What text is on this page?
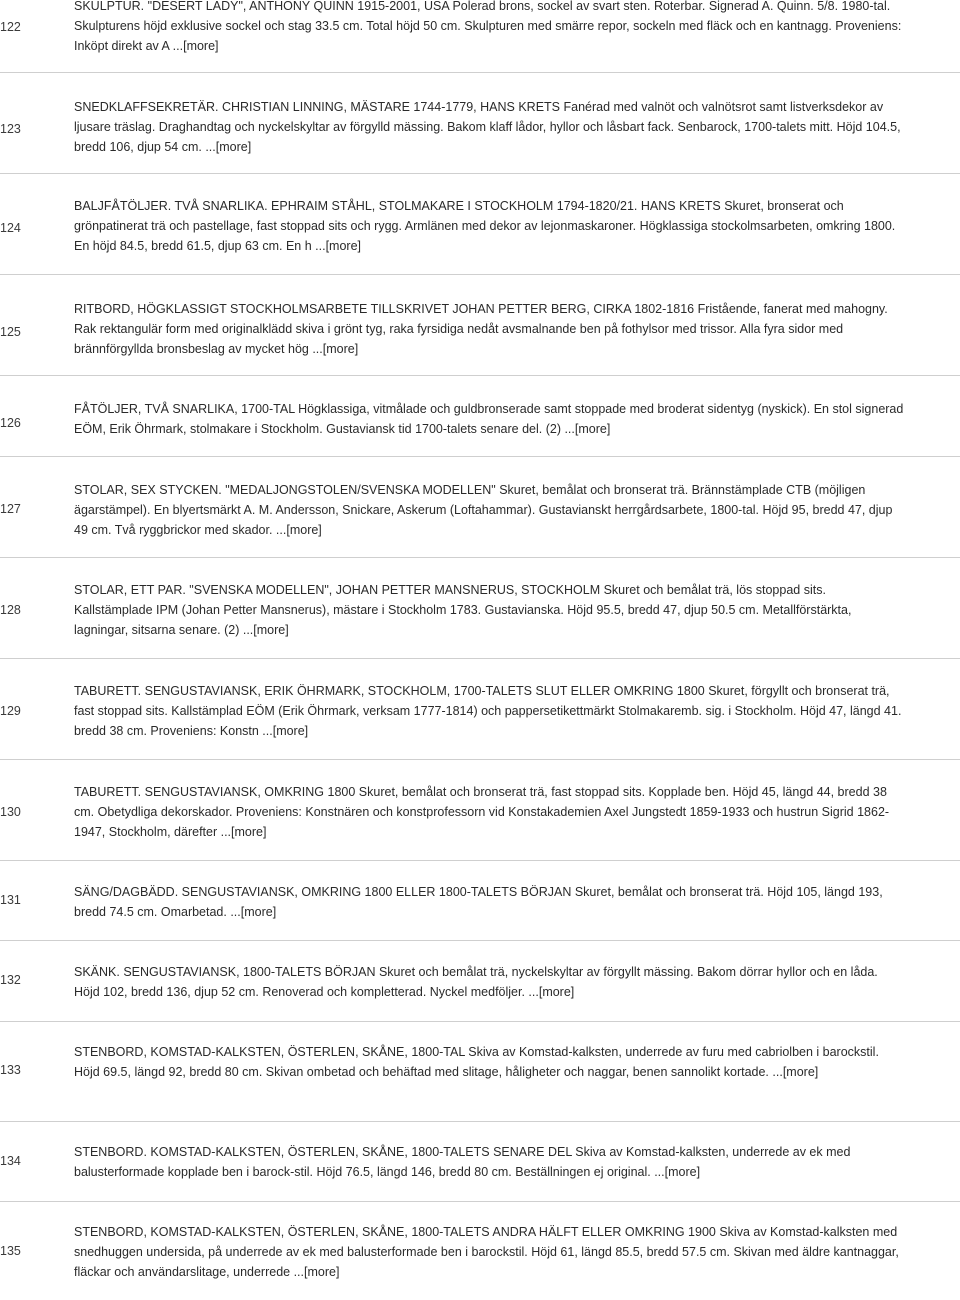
122
SKULPTUR. "DESERT LADY", ANTHONY QUINN 1915-2001, USA Polerad brons, sockel av svart sten. Roterbar. Signerad A. Quinn. 5/8. 1980-tal. Skulpturens höjd exklusive sockel och stag 33.5 cm. Total höjd 50 cm. Skulpturen med smärre repor, sockeln med fläck och en kantnagg. Proveniens: Inköpt direkt av A ...[more]
123
SNEDKLAFFSEKRETÄR. CHRISTIAN LINNING, MÄSTARE 1744-1779, HANS KRETS Fanérad med valnöt och valnötsrot samt listverksdekor av ljusare träslag. Draghandtag och nyckelskyltar av förgylld mässing. Bakom klaff lådor, hyllor och låsbart fack. Senbarock, 1700-talets mitt. Höjd 104.5, bredd 106, djup 54 cm. ...[more]
124
BALJFÅTÖLJER. TVÅ SNARLIKA. EPHRAIM STÅHL, STOLMAKARE I STOCKHOLM 1794-1820/21. HANS KRETS Skuret, bronserat och grönpatinerat trä och pastellage, fast stoppad sits och rygg. Armlänen med dekor av lejonmaskaroner. Högklassiga stockolmsarbeten, omkring 1800. En höjd 84.5, bredd 61.5, djup 63 cm. En h ...[more]
125
RITBORD, HÖGKLASSIGT STOCKHOLMSARBETE TILLSKRIVET JOHAN PETTER BERG, CIRKA 1802-1816 Fristående, fanerat med mahogny. Rak rektangulär form med originalklädd skiva i grönt tyg, raka fyrsidiga nedåt avsmalnande ben på fothylsor med trissor. Alla fyra sidor med brännförgyllda bronsbeslag av mycket hög ...[more]
126
FÅTÖLJER, TVÅ SNARLIKA, 1700-TAL Högklassiga, vitmålade och guldbronserade samt stoppade med broderat sidentyg (nyskick). En stol signerad EÖM, Erik Öhrmark, stolmakare i Stockholm. Gustaviansk tid 1700-talets senare del. (2) ...[more]
127
STOLAR, SEX STYCKEN. "MEDALJONGSTOLEN/SVENSKA MODELLEN" Skuret, bemålat och bronserat trä. Brännstämplade CTB (möjligen ägarstämpel). En blyertsmärkt A. M. Andersson, Snickare, Askerum (Loftahammar). Gustavianskt herrgårdsarbete, 1800-tal. Höjd 95, bredd 47, djup 49 cm. Två ryggbrickor med skador. ...[more]
128
STOLAR, ETT PAR. "SVENSKA MODELLEN", JOHAN PETTER MANSNERUS, STOCKHOLM Skuret och bemålat trä, lös stoppad sits. Kallstämplade IPM (Johan Petter Mansnerus), mästare i Stockholm 1783. Gustavianska. Höjd 95.5, bredd 47, djup 50.5 cm. Metallförstärkta, lagningar, sitsarna senare. (2) ...[more]
129
TABURETT. SENGUSTAVIANSK, ERIK ÖHRMARK, STOCKHOLM, 1700-TALETS SLUT ELLER OMKRING 1800 Skuret, förgyllt och bronserat trä, fast stoppad sits. Kallstämplad EÖM (Erik Öhrmark, verksam 1777-1814) och pappersetikettmärkt Stolmakaremb. sig. i Stockholm. Höjd 47, längd 41. bredd 38 cm. Proveniens: Konstn ...[more]
130
TABURETT. SENGUSTAVIANSK, OMKRING 1800 Skuret, bemålat och bronserat trä, fast stoppad sits. Kopplade ben. Höjd 45, längd 44, bredd 38 cm. Obetydliga dekorskador. Proveniens: Konstnären och konstprofessorn vid Konstakademien Axel Jungstedt 1859-1933 och hustrun Sigrid 1862-1947, Stockholm, därefter ...[more]
131
SÄNG/DAGBÄDD. SENGUSTAVIANSK, OMKRING 1800 ELLER 1800-TALETS BÖRJAN Skuret, bemålat och bronserat trä. Höjd 105, längd 193, bredd 74.5 cm. Omarbetad. ...[more]
132
SKÄNK. SENGUSTAVIANSK, 1800-TALETS BÖRJAN Skuret och bemålat trä, nyckelskyltar av förgyllt mässing. Bakom dörrar hyllor och en låda. Höjd 102, bredd 136, djup 52 cm. Renoverad och kompletterad. Nyckel medföljer. ...[more]
133
STENBORD, KOMSTAD-KALKSTEN, ÖSTERLEN, SKÅNE, 1800-TAL Skiva av Komstad-kalksten, underrede av furu med cabriolben i barockstil. Höjd 69.5, längd 92, bredd 80 cm. Skivan ombetad och behäftad med slitage, håligheter och naggar, benen sannolikt kortade. ...[more]
134
STENBORD. KOMSTAD-KALKSTEN, ÖSTERLEN, SKÅNE, 1800-TALETS SENARE DEL Skiva av Komstad-kalksten, underrede av ek med balusterformade kopplade ben i barock-stil. Höjd 76.5, längd 146, bredd 80 cm. Beställningen ej original. ...[more]
135
STENBORD, KOMSTAD-KALKSTEN, ÖSTERLEN, SKÅNE, 1800-TALETS ANDRA HÄLFT ELLER OMKRING 1900 Skiva av Komstad-kalksten med snedhuggen undersida, på underrede av ek med balusterformade ben i barockstil. Höjd 61, längd 85.5, bredd 57.5 cm. Skivan med äldre kantnaggar, fläckar och användarslitage, underrede ...[more]
